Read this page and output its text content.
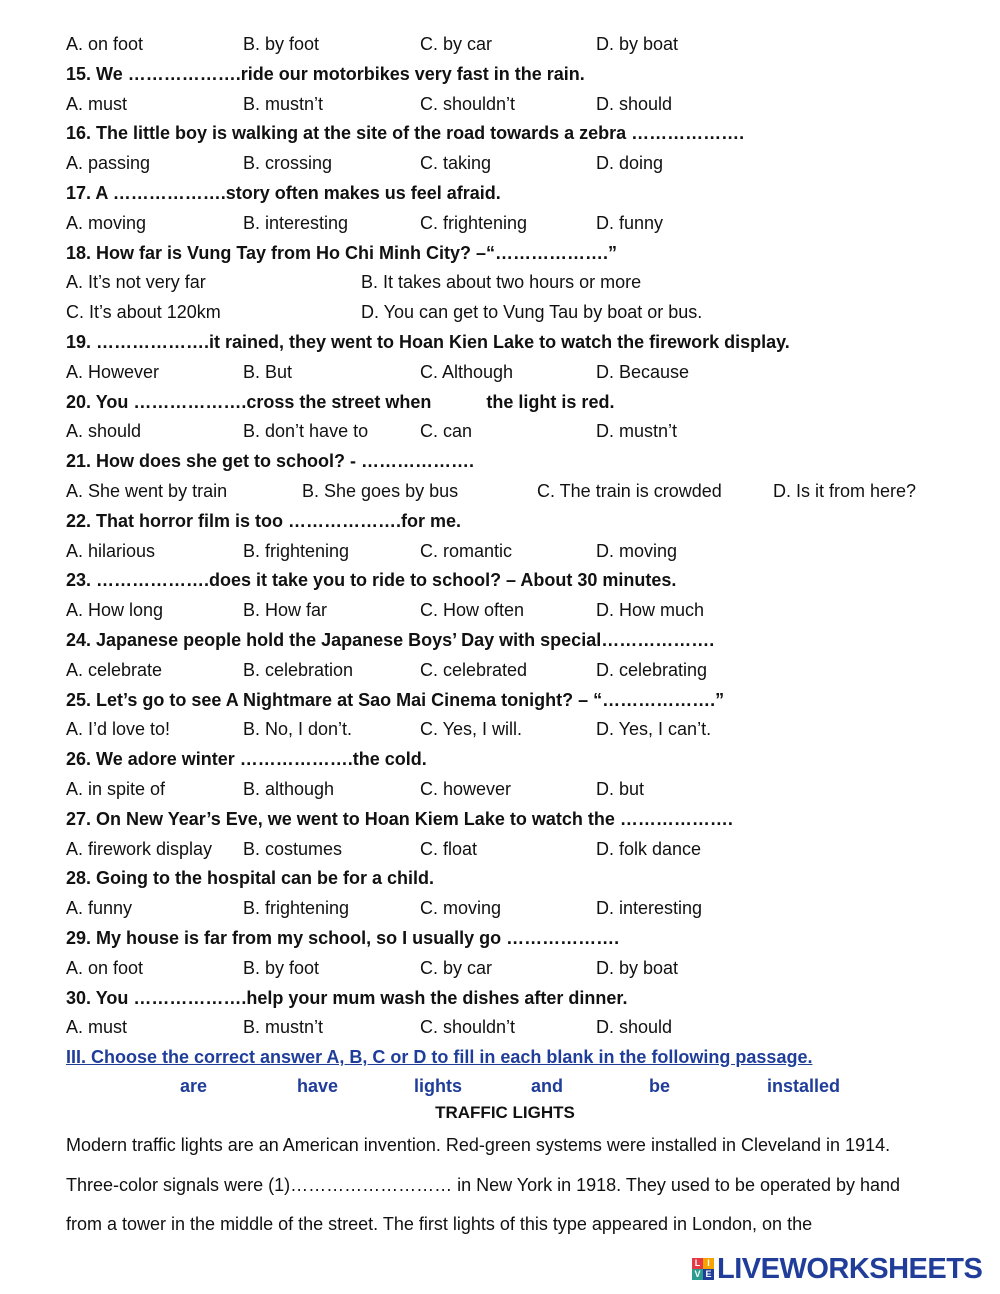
A. on foot	B. by foot	C. by car	D. by boat
15. We ……………….ride our motorbikes very fast in the rain.
A. must	B. mustn’t	C. shouldn’t	D. should
16. The little boy is walking at the site of the road towards a zebra ……………….
A. passing	B. crossing	C. taking	D. doing
17. A ……………….story often makes us feel afraid.
A. moving	B. interesting	C. frightening	D. funny
18. How far is Vung Tay from Ho Chi Minh City? –“……………….”
A. It’s not very far	B. It takes about two hours or more
C. It’s about 120km	D. You can get to Vung Tau by boat or bus.
19. ……………….it rained, they went to Hoan Kien Lake to watch the firework display.
A. However	B. But	C. Although	D. Because
20. You ……………….cross the street when           the light is red.
A. should	B. don’t have to	C. can	D. mustn’t
21. How does she get to school? - ……………….
A. She went by train	B. She goes by bus	C. The train is crowded	D. Is it from here?
22. That horror film is too ……………….for me.
A. hilarious	B. frightening	C. romantic	D. moving
23. ……………….does it take you to ride to school? – About 30 minutes.
A. How long	B. How far	C. How often	D. How much
24. Japanese people hold the Japanese Boys’ Day with special……………….
A. celebrate	B. celebration	C. celebrated	D. celebrating
25. Let’s go to see A Nightmare at Sao Mai Cinema tonight? – “……………….”
A. I’d love to!	B. No, I don’t.	C. Yes, I will.	D. Yes, I can’t.
26. We adore winter ……………….the cold.
A. in spite of	B. although	C. however	D. but
27. On New Year’s Eve, we went to Hoan Kiem Lake to watch the ……………….
A. firework display B. costumes	C. float	D. folk dance
28. Going to the hospital can be for a child.
A. funny	B. frightening	C. moving	D. interesting
29. My house is far from my school, so I usually go ……………….
A. on foot	B. by foot	C. by car	D. by boat
30. You ……………….help your mum wash the dishes after dinner.
A. must	B. mustn’t	C. shouldn’t	D. should
III. Choose the correct answer A, B, C or D to fill in each blank in the following passage.
are	have	lights	and	be	installed
TRAFFIC LIGHTS
Modern traffic lights are an American invention. Red-green systems were installed in Cleveland in 1914.
Three-color signals were (1)……………………… in New York in 1918. They used to be operated by hand
from a tower in the middle of the street. The first lights of this type appeared in London, on the
L I
V E LIVEWORKSHEETS
